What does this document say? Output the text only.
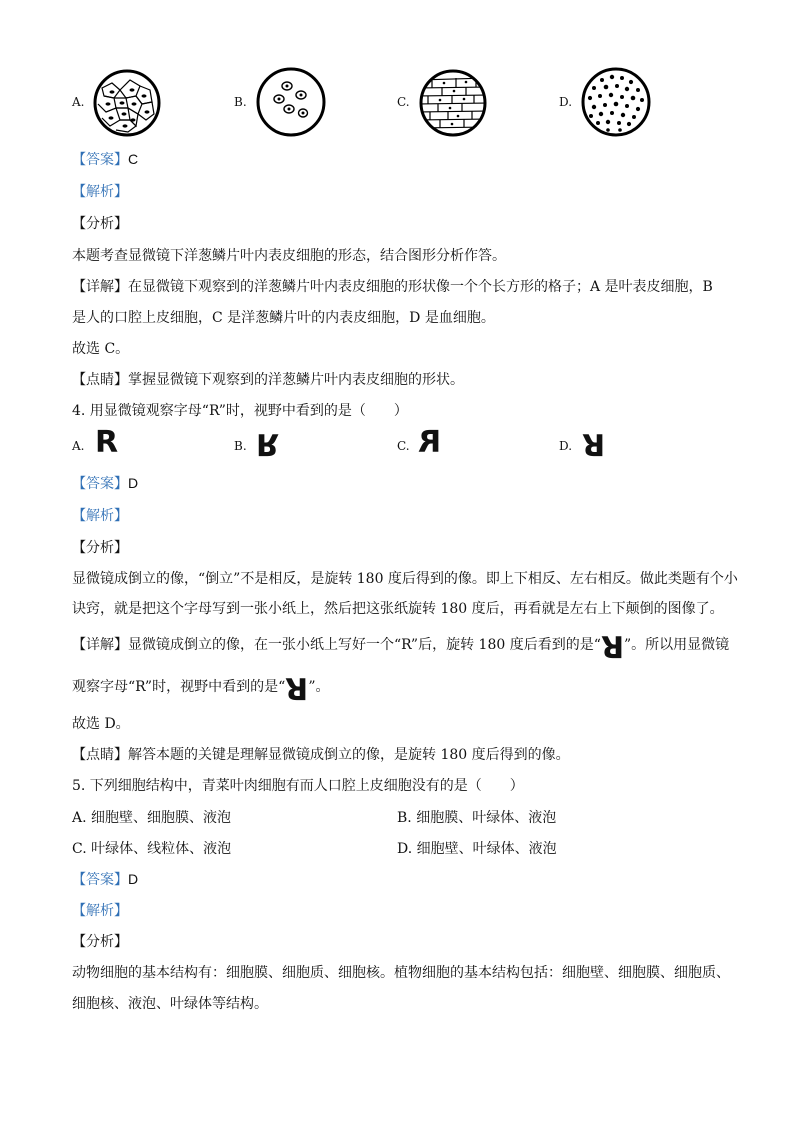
A.	B.	C.	D.
【答案】C
【解析】
【分析】
本题考查显微镜下洋葱鳞片叶内表皮细胞的形态，结合图形分析作答。
【详解】在显微镜下观察到的洋葱鳞片叶内表皮细胞的形状像一个个长方形的格子；A 是叶表皮细胞，B
是人的口腔上皮细胞，C 是洋葱鳞片叶的内表皮细胞，D 是血细胞。
故选 C。
【点睛】掌握显微镜下观察到的洋葱鳞片叶内表皮细胞的形状。
4. 用显微镜观察字母“R”时，视野中看到的是（　　）
A. R	B. R	C. R	D. R
【答案】D
【解析】
【分析】
显微镜成倒立的像，“倒立”不是相反，是旋转 180 度后得到的像。即上下相反、左右相反。做此类题有个小
诀窍，就是把这个字母写到一张小纸上，然后把这张纸旋转 180 度后，再看就是左右上下颠倒的图像了。
【详解】显微镜成倒立的像，在一张小纸上写好一个“R”后，旋转 180 度后看到的是“R”。所以用显微镜
观察字母“R”时，视野中看到的是“R”。
故选 D。
【点睛】解答本题的关键是理解显微镜成倒立的像，是旋转 180 度后得到的像。
5. 下列细胞结构中，青菜叶肉细胞有而人口腔上皮细胞没有的是（　　）
A. 细胞壁、细胞膜、液泡	B. 细胞膜、叶绿体、液泡
C. 叶绿体、线粒体、液泡	D. 细胞壁、叶绿体、液泡
【答案】D
【解析】
【分析】
动物细胞的基本结构有：细胞膜、细胞质、细胞核。植物细胞的基本结构包括：细胞壁、细胞膜、细胞质、
细胞核、液泡、叶绿体等结构。
